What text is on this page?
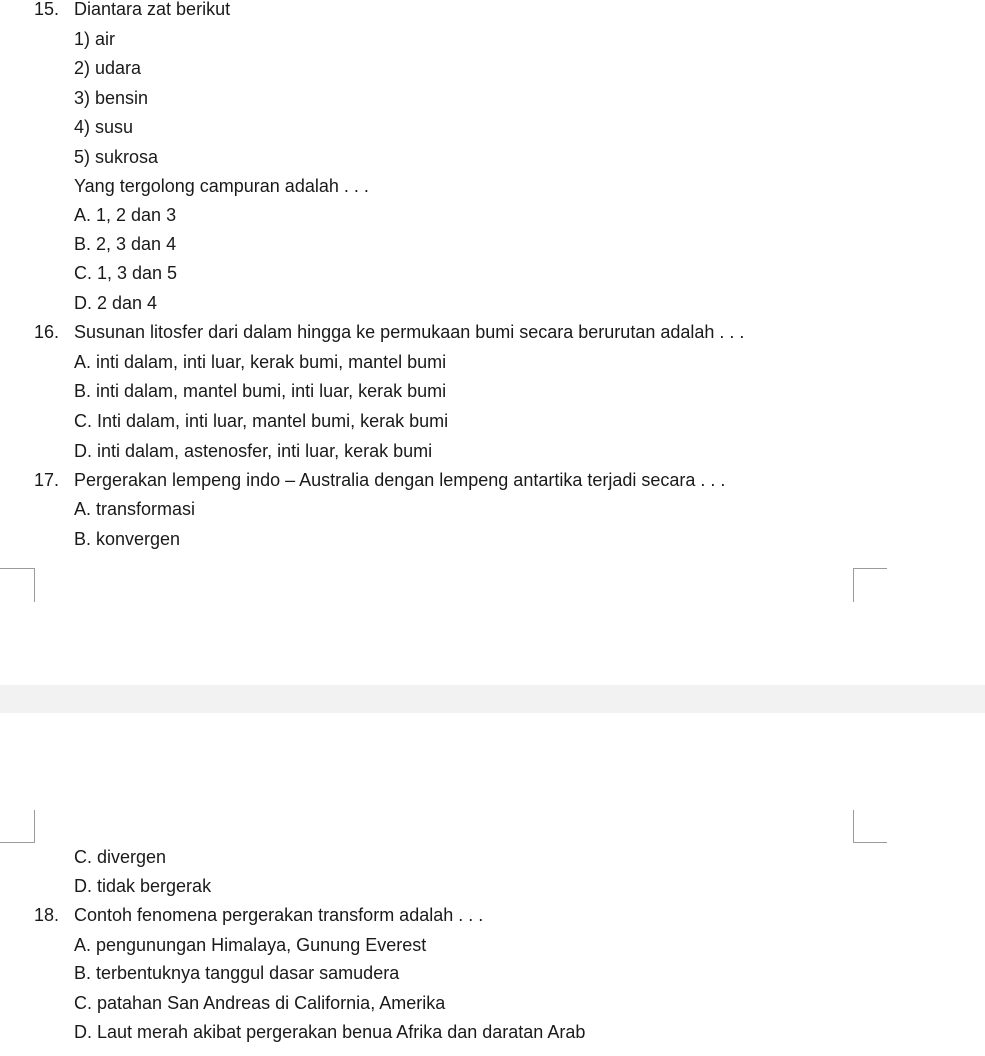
15. Diantara zat berikut
1) air
2) udara
3) bensin
4) susu
5) sukrosa
Yang tergolong campuran adalah . . .
A. 1, 2 dan 3
B. 2, 3 dan 4
C. 1, 3 dan 5
D. 2 dan 4
16. Susunan litosfer dari dalam hingga ke permukaan bumi secara berurutan adalah . . .
A. inti dalam, inti luar, kerak bumi, mantel bumi
B. inti dalam, mantel bumi, inti luar, kerak bumi
C. Inti dalam, inti luar, mantel bumi, kerak bumi
D. inti dalam, astenosfer, inti luar, kerak bumi
17. Pergerakan lempeng indo – Australia dengan lempeng antartika terjadi secara . . .
A. transformasi
B. konvergen
C. divergen
D. tidak bergerak
18. Contoh fenomena pergerakan transform adalah . . .
A. pengunungan Himalaya, Gunung Everest
B. terbentuknya tanggul dasar samudera
C. patahan San Andreas di California, Amerika
D. Laut merah akibat pergerakan benua Afrika dan daratan Arab
